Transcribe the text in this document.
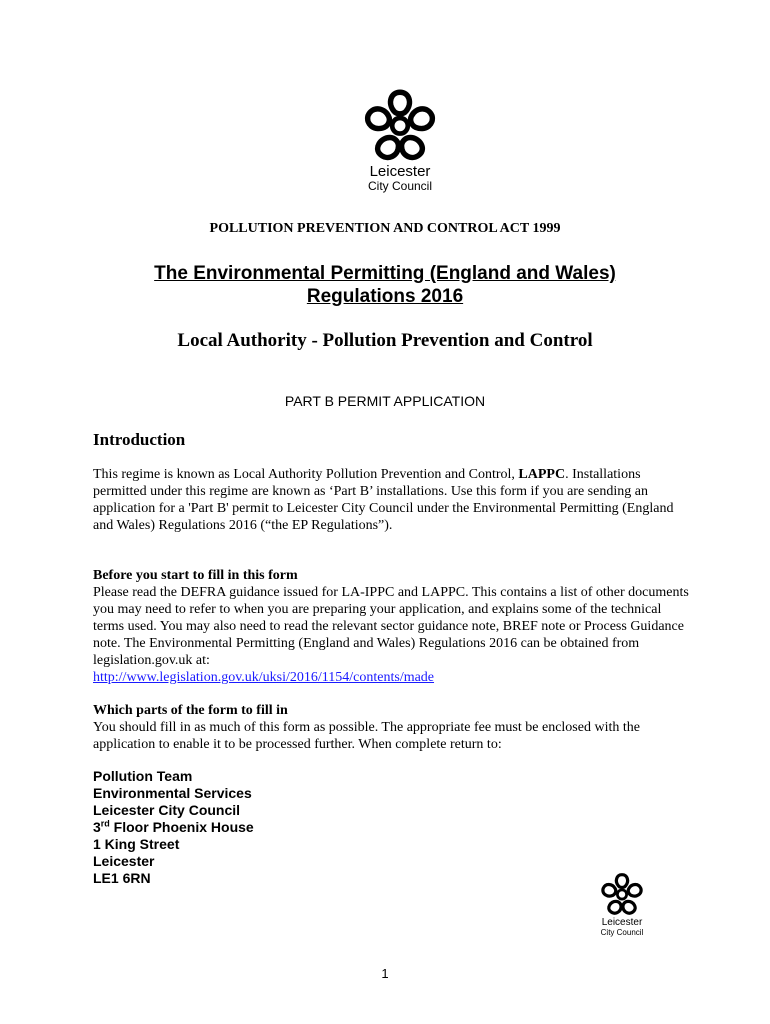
Leicester
City Council
POLLUTION PREVENTION AND CONTROL ACT 1999
The Environmental Permitting (England and Wales)
Regulations 2016
Local Authority - Pollution Prevention and Control
PART B PERMIT APPLICATION
Introduction
This regime is known as Local Authority Pollution Prevention and Control, LAPPC. Installations permitted under this regime are known as ‘Part B’ installations. Use this form if you are sending an application for a 'Part B' permit to Leicester City Council under the Environmental Permitting (England and Wales) Regulations 2016 (“the EP Regulations”).
Before you start to fill in this form
Please read the DEFRA guidance issued for LA-IPPC and LAPPC. This contains a list of other documents you may need to refer to when you are preparing your application, and explains some of the technical terms used. You may also need to read the relevant sector guidance note, BREF note or Process Guidance note. The Environmental Permitting (England and Wales) Regulations 2016 can be obtained from legislation.gov.uk at:
http://www.legislation.gov.uk/uksi/2016/1154/contents/made
Which parts of the form to fill in
You should fill in as much of this form as possible. The appropriate fee must be enclosed with the application to enable it to be processed further. When complete return to:
Pollution Team
Environmental Services
Leicester City Council
3rd Floor Phoenix House
1 King Street
Leicester
LE1 6RN
Leicester
City Council
1
